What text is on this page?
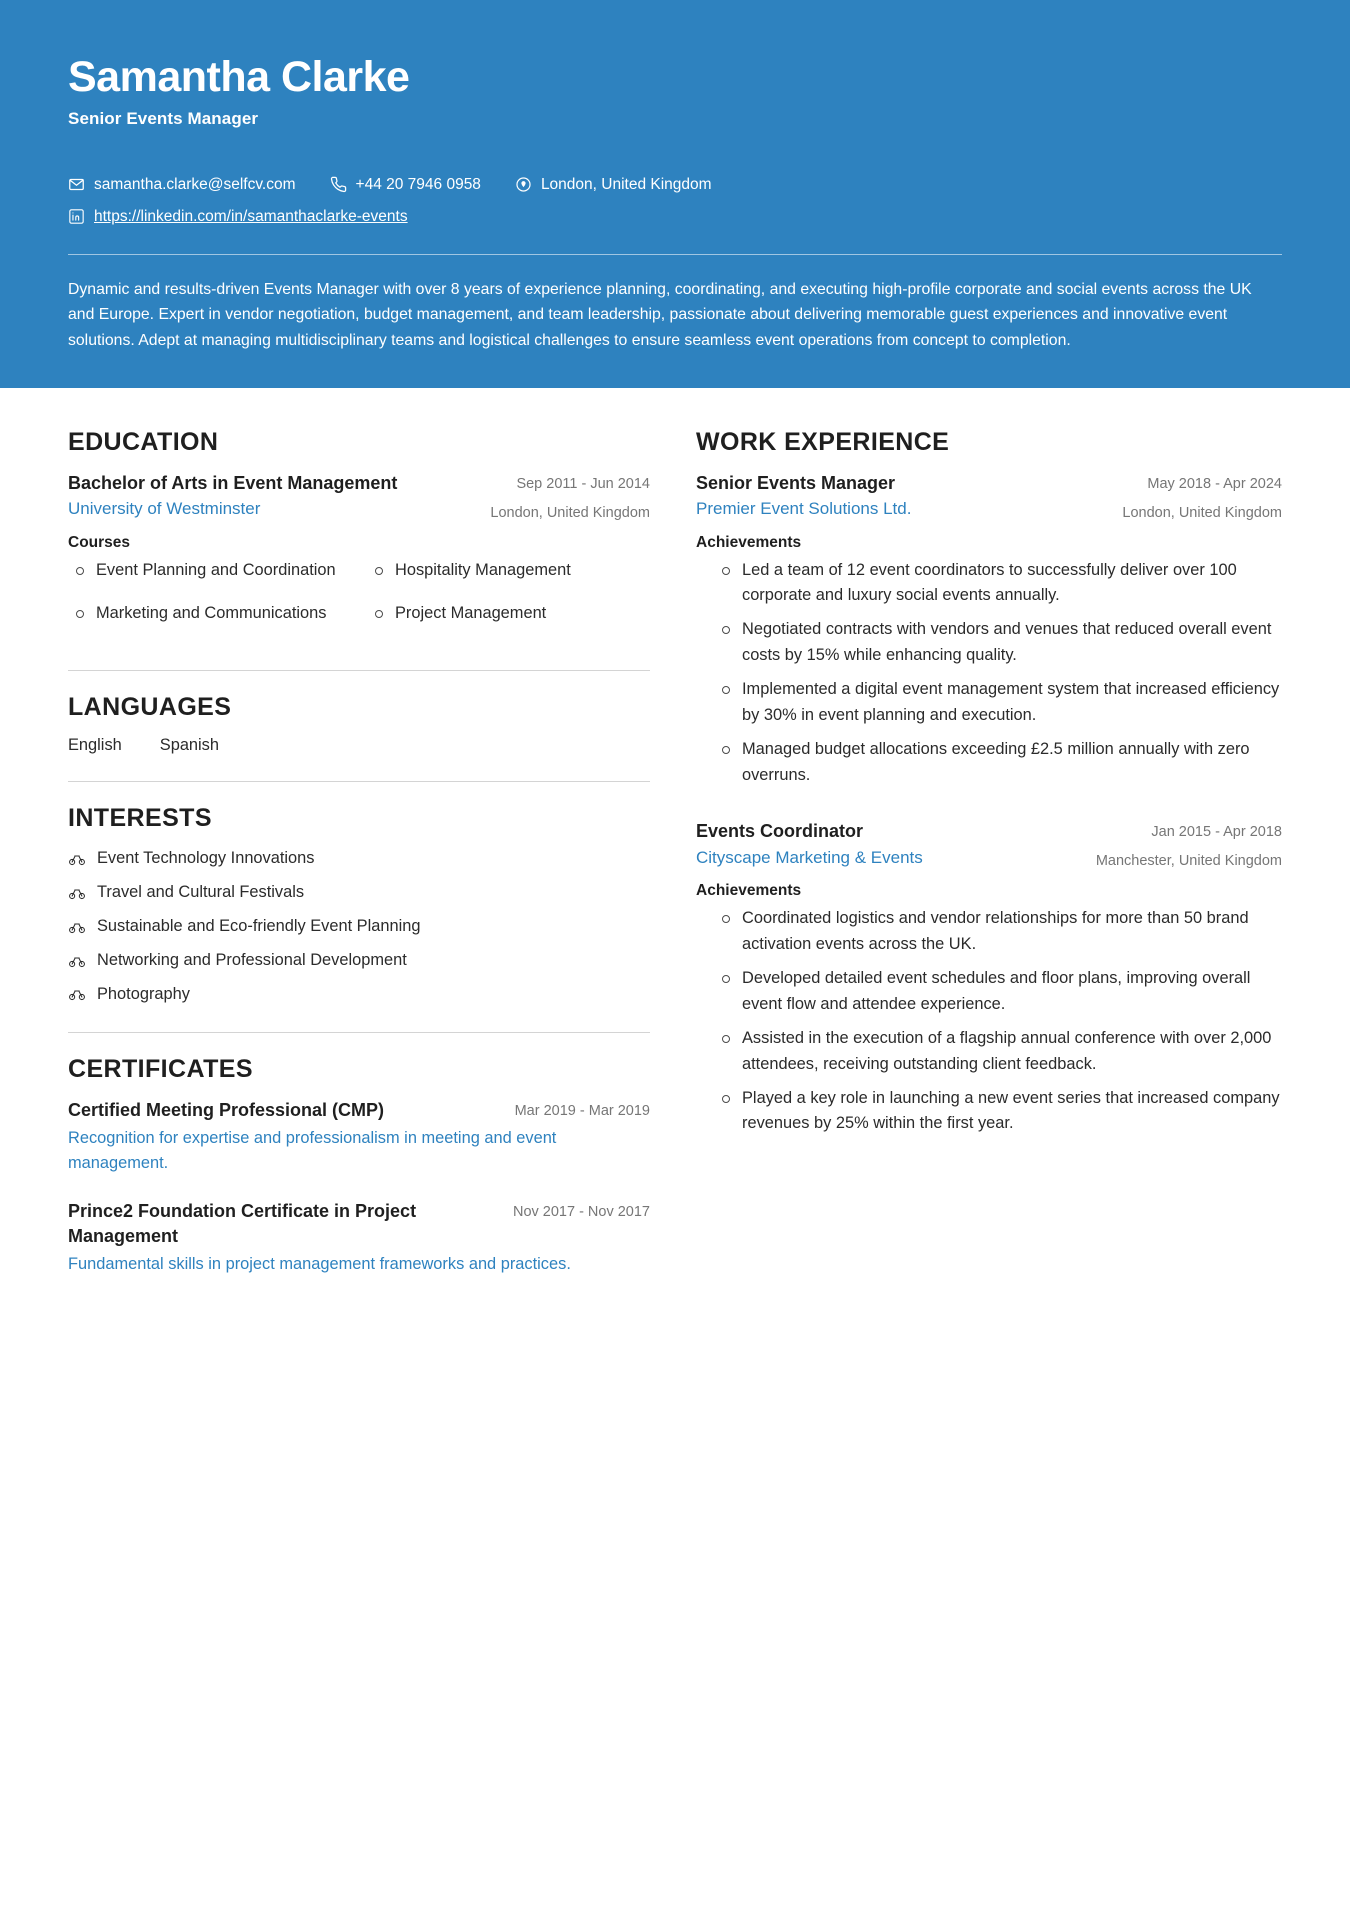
Samantha Clarke
Senior Events Manager
samantha.clarke@selfcv.com	+44 20 7946 0958	London, United Kingdom
https://linkedin.com/in/samanthaclarke-events
Dynamic and results-driven Events Manager with over 8 years of experience planning, coordinating, and executing high-profile corporate and social events across the UK and Europe. Expert in vendor negotiation, budget management, and team leadership, passionate about delivering memorable guest experiences and innovative event solutions. Adept at managing multidisciplinary teams and logistical challenges to ensure seamless event operations from concept to completion.
EDUCATION
Bachelor of Arts in Event Management
University of Westminster
Sep 2011 - Jun 2014
London, United Kingdom
Courses
Event Planning and Coordination	Hospitality Management
Marketing and Communications	Project Management
LANGUAGES
English Spanish
INTERESTS
Event Technology Innovations
Travel and Cultural Festivals
Sustainable and Eco-friendly Event Planning
Networking and Professional Development
Photography
CERTIFICATES
Certified Meeting Professional (CMP)	Mar 2019 - Mar 2019
Recognition for expertise and professionalism in meeting and event management.
Prince2 Foundation Certificate in Project Management
Nov 2017 - Nov 2017
Fundamental skills in project management frameworks and practices.
WORK EXPERIENCE
Senior Events Manager
Premier Event Solutions Ltd.
May 2018 - Apr 2024
London, United Kingdom
Achievements
Led a team of 12 event coordinators to successfully deliver over 100 corporate and luxury social events annually.
Negotiated contracts with vendors and venues that reduced overall event costs by 15% while enhancing quality.
Implemented a digital event management system that increased efficiency by 30% in event planning and execution.
Managed budget allocations exceeding £2.5 million annually with zero overruns.
Events Coordinator
Cityscape Marketing & Events
Jan 2015 - Apr 2018
Manchester, United Kingdom
Achievements
Coordinated logistics and vendor relationships for more than 50 brand activation events across the UK.
Developed detailed event schedules and floor plans, improving overall event flow and attendee experience.
Assisted in the execution of a flagship annual conference with over 2,000 attendees, receiving outstanding client feedback.
Played a key role in launching a new event series that increased company revenues by 25% within the first year.
